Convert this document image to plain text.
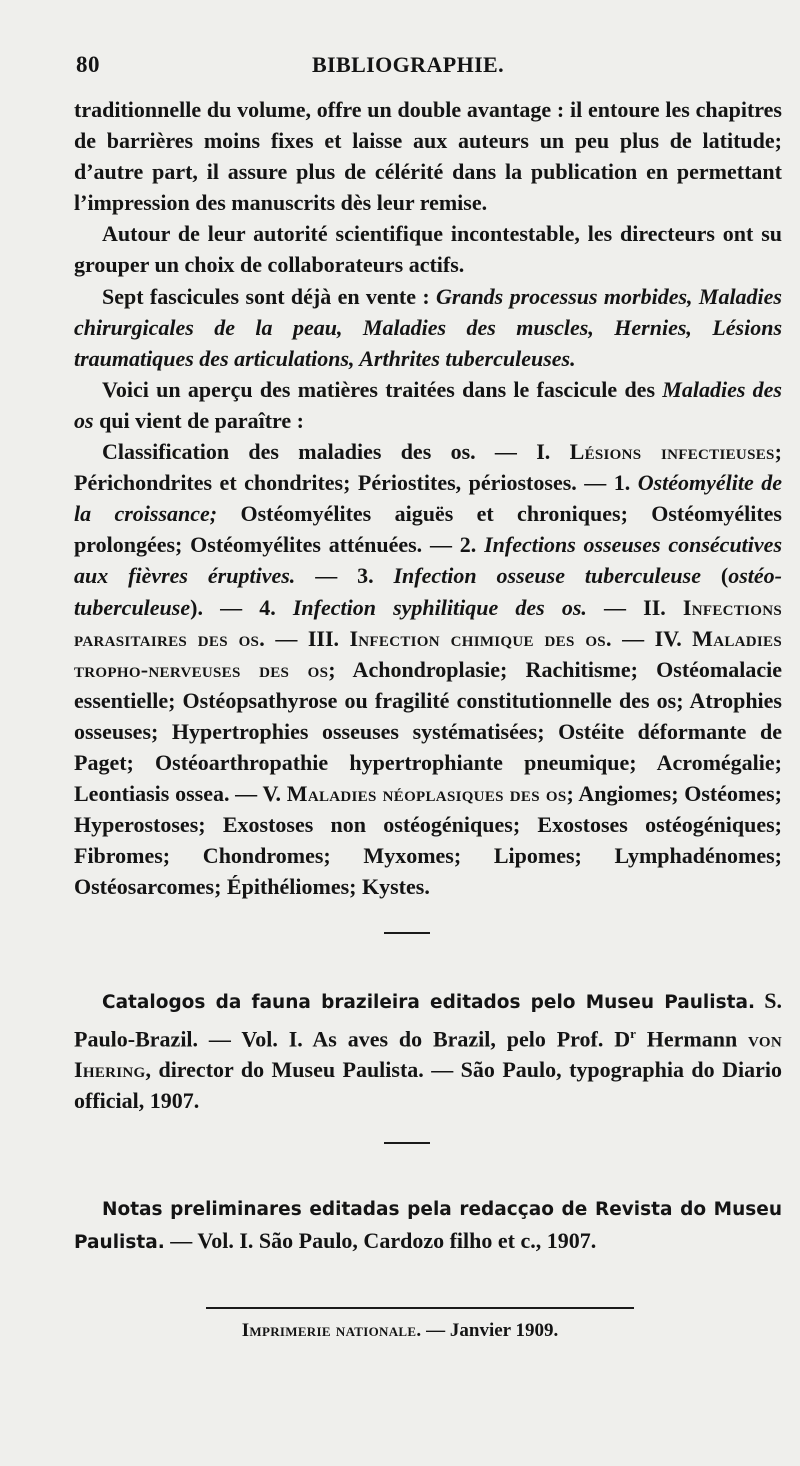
80	BIBLIOGRAPHIE.

traditionnelle du volume, offre un double avantage : il entoure les chapitres de barrières moins fixes et laisse aux auteurs un peu plus de latitude; d’autre part, il assure plus de célérité dans la publication en permettant l’impression des manuscrits dès leur remise.

Autour de leur autorité scientifique incontestable, les directeurs ont su grouper un choix de collaborateurs actifs.

Sept fascicules sont déjà en vente : Grands processus morbides, Maladies chirurgicales de la peau, Maladies des muscles, Hernies, Lésions traumatiques des articulations, Arthrites tuberculeuses.

Voici un aperçu des matières traitées dans le fascicule des Maladies des os qui vient de paraître :

Classification des maladies des os. — I. Lésions infectieuses; Périchondrites et chondrites; Périostites, périostoses. — 1. Ostéomyélite de la croissance; Ostéomyélites aiguës et chroniques; Ostéomyélites prolongées; Ostéomyélites atténuées. — 2. Infections osseuses consécutives aux fièvres éruptives. — 3. Infection osseuse tuberculeuse (ostéo-tuberculeuse). — 4. Infection syphilitique des os. — II. Infections parasitaires des os. — III. Infection chimique des os. — IV. Maladies tropho-nerveuses des os; Achondroplasie; Rachitisme; Ostéomalacie essentielle; Ostéopsathyrose ou fragilité constitutionnelle des os; Atrophies osseuses; Hypertrophies osseuses systématisées; Ostéite déformante de Paget; Ostéoarthropathie hypertrophiante pneumique; Acromégalie; Leontiasis ossea. — V. Maladies néoplasiques des os; Angiomes; Ostéomes; Hyperostoses; Exostoses non ostéogéniques; Exostoses ostéogéniques; Fibromes; Chondromes; Myxomes; Lipomes; Lymphadénomes; Ostéosarcomes; Épithéliomes; Kystes.

Catalogos da fauna brazileira editados pelo Museu Paulista. S. Paulo-Brazil. — Vol. I. As aves do Brazil, pelo Prof. $D^r$ Hermann von Ihering, director do Museu Paulista. — São Paulo, typographia do Diario official, 1907.

Notas preliminares editadas pela redacçao de Revista do Museu Paulista. — Vol. I. São Paulo, Cardozo filho et c., 1907.

Imprimerie nationale. — Janvier 1909.
